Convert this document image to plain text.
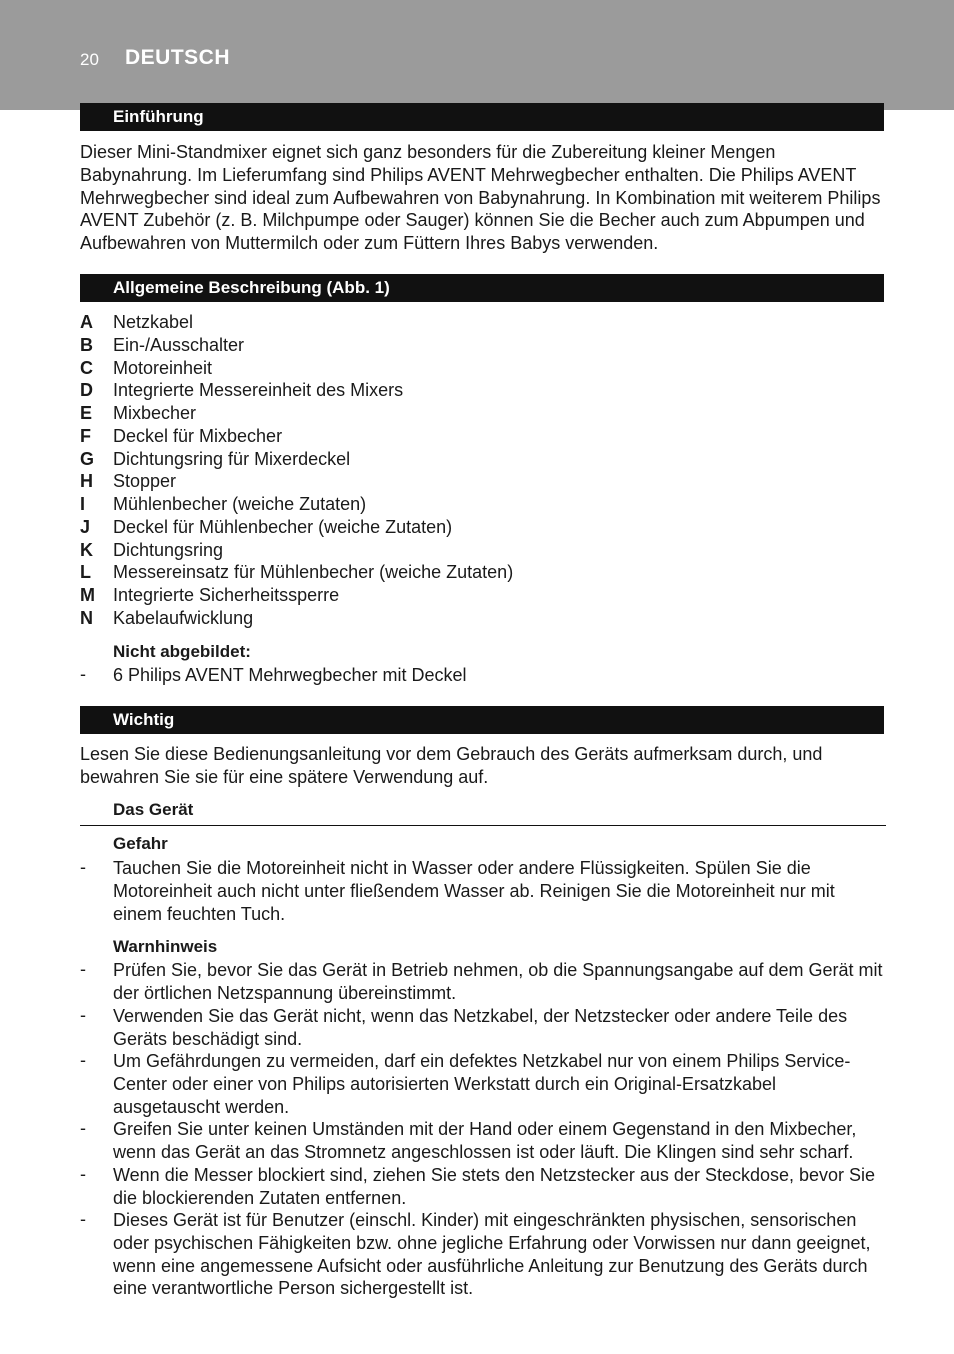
20 DEUTSCH
Einführung

Dieser Mini-Standmixer eignet sich ganz besonders für die Zubereitung kleiner Mengen Babynahrung. Im Lieferumfang sind Philips AVENT Mehrwegbecher enthalten. Die Philips AVENT Mehrwegbecher sind ideal zum Aufbewahren von Babynahrung. In Kombination mit weiterem Philips AVENT Zubehör (z. B. Milchpumpe oder Sauger) können Sie die Becher auch zum Abpumpen und Aufbewahren von Muttermilch oder zum Füttern Ihres Babys verwenden.

Allgemeine Beschreibung (Abb. 1)
A Netzkabel
B Ein-/Ausschalter
C Motoreinheit
D Integrierte Messereinheit des Mixers
E Mixbecher
F Deckel für Mixbecher
G Dichtungsring für Mixerdeckel
H Stopper
I Mühlenbecher (weiche Zutaten)
J Deckel für Mühlenbecher (weiche Zutaten)
K Dichtungsring
L Messereinsatz für Mühlenbecher (weiche Zutaten)
M Integrierte Sicherheitssperre
N Kabelaufwicklung
Nicht abgebildet:
- 6 Philips AVENT Mehrwegbecher mit Deckel
Wichtig

Lesen Sie diese Bedienungsanleitung vor dem Gebrauch des Geräts aufmerksam durch, und bewahren Sie sie für eine spätere Verwendung auf.

Das Gerät
Gefahr
- Tauchen Sie die Motoreinheit nicht in Wasser oder andere Flüssigkeiten. Spülen Sie die Motoreinheit auch nicht unter fließendem Wasser ab. Reinigen Sie die Motoreinheit nur mit einem feuchten Tuch.

Warnhinweis
- Prüfen Sie, bevor Sie das Gerät in Betrieb nehmen, ob die Spannungsangabe auf dem Gerät mit der örtlichen Netzspannung übereinstimmt.

- Verwenden Sie das Gerät nicht, wenn das Netzkabel, der Netzstecker oder andere Teile des Geräts beschädigt sind.

- Um Gefährdungen zu vermeiden, darf ein defektes Netzkabel nur von einem Philips Service-Center oder einer von Philips autorisierten Werkstatt durch ein Original-Ersatzkabel ausgetauscht werden.

- Greifen Sie unter keinen Umständen mit der Hand oder einem Gegenstand in den Mixbecher, wenn das Gerät an das Stromnetz angeschlossen ist oder läuft. Die Klingen sind sehr scharf.

- Wenn die Messer blockiert sind, ziehen Sie stets den Netzstecker aus der Steckdose, bevor Sie die blockierenden Zutaten entfernen.

- Dieses Gerät ist für Benutzer (einschl. Kinder) mit eingeschränkten physischen, sensorischen oder psychischen Fähigkeiten bzw. ohne jegliche Erfahrung oder Vorwissen nur dann geeignet, wenn eine angemessene Aufsicht oder ausführliche Anleitung zur Benutzung des Geräts durch eine verantwortliche Person sichergestellt ist.
